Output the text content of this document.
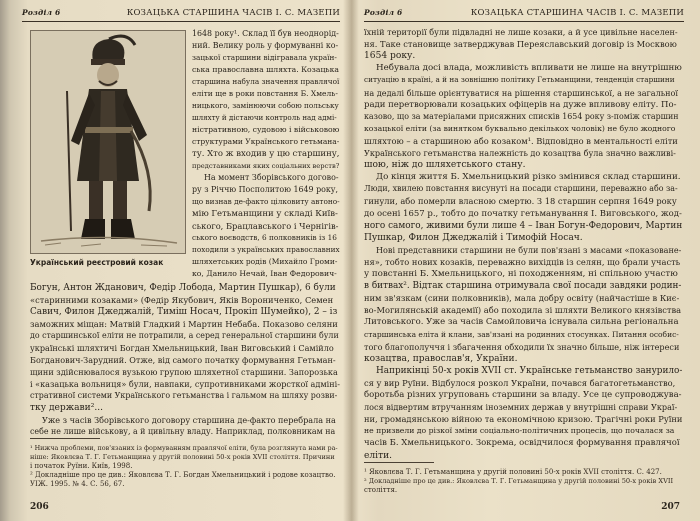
Розділ 6	КОЗАЦЬКА СТАРШИНА ЧАСІВ І. С. МАЗЕПИ
Український реєстровий козак
1648 року¹. Склад її був неоднорід-
ний. Велику роль у формуванні ко-
зацької старшини відігравала україн-
ська православна шляхта. Козацька
старшина набула значення правлячої
еліти ще в роки повстання Б. Хмель-
ницького, замінюючи собою польську
шляхту й дістаючи контроль над адмі-
ністративною, судовою і військовою
структурами Українського гетьмана-
ту. Хто ж входив у цю старшину,
представниками яких соціальних верств?
На момент Зборівського догово-
ру з Річчю Посполитою 1649 року,
що визнав де-факто цілковиту автоно-
мію Гетьманщини у складі Київ-
ського, Брацлавського і Чернігів-
ського воєводств, 6 полковників із 16
походили з українських православних
шляхетських родів (Михайло Громи-
ко, Данило Нечай, Іван Федорович-
Богун, Антон Жданович, Федір Лобода, Мартин Пушкар), 6 були
«старинними козаками» (Федір Якубович, Яків Ворониченко, Семен
Савич, Филон Джеджалій, Тиміш Носач, Прокіп Шумейко), 2 – із
заможних міщан: Матвій Гладкий і Мартин Небаба. Показово селяни
до старшинської еліти не потрапили, а серед генеральної старшини були
українські шляхтичі Богдан Хмельницький, Іван Виговський і Самійло
Богданович-Зарудний. Отже, від самого початку формування Гетьман-
щини здійснювалося вузькою групою шляхетної старшини. Запорозька
і «казацька вольниця» були, навпаки, супротивниками жорсткої адміні-
стративної системи Українського гетьманства і гальмом на шляху розви-
тку держави²...
Уже з часів Зборівського договору старшина де-факто перебрала на
себе не лише військову, а й цивільну владу. Наприклад, полковникам на
¹ Нижча проблеми, пов'язаних із формуванням правлячої еліти, була розглянута нами ра-
ніше: Яковлєва Т. Г. Гетьманщина у другій половині 50-х років XVII століття. Причини
і початок Руїни. Київ, 1998.
² Докладніше про це див.: Яковлєва Т. Г. Богдан Хмельницький і родове козацтво.
УІЖ. 1995. № 4. С. 56, 67.
206
Розділ 6	КОЗАЦЬКА СТАРШИНА ЧАСІВ І. С. МАЗЕПИ
їхній території були підвладні не лише козаки, а й усе цивільне населен-
ня. Таке становище затверджував Переяславський договір із Москвою
1654 року.
Небувала досі влада, можливість впливати не лише на внутрішню
ситуацію в країні, а й на зовнішню політику Гетьманщини, тенденція старшини
на дедалі більше орієнтуватися на рішення старшинської, а не загальної
ради перетворювали козацьких офіцерів на дуже впливову еліту. По-
казово, що за матеріалами присяжних списків 1654 року з-поміж старшин
козацької еліти (за винятком буквально декількох чоловік) не було жодного
шляхтою – а старшиною або козаком¹. Відповідно в ментальності еліти
Українського гетьманства належність до козацтва була значно важливі-
шою, ніж до шляхетського стану.
До кінця життя Б. Хмельницький різко змінився склад старшини.
Люди, хвилею повстання висунуті на посади старшини, переважно або за-
гинули, або померли власною смертю. З 18 старшин серпня 1649 року
до осені 1657 р., тобто до початку гетьманування І. Виговського, жод-
ного самого, живими були лише 4 – Іван Богун-Федорович, Мартин
Пушкар, Филон Джеджалій і Тимофій Носач.
Нові представники старшини не були пов'язані з масами «показоване-
ня», тобто нових козаків, переважно вихідців із селян, що брали участь
у повстанні Б. Хмельницького, ні походженням, ні спільною участю
в битвах². Відтак старшина отримувала свої посади завдяки родин-
ним зв'язкам (сини полковників), мала добру освіту (найчастіше в Киє-
во-Могилянській академії) або походила зі шляхти Великого князівства
Литовського. Уже за часів Самойловича існувала сильна регіональна
старшинська еліта й клани, зав'язані на родинних стосунках. Питання особис-
того благополуччя і збагачення обходили їх значно більше, ніж інтереси
козацтва, православ'я, України.
Наприкінці 50-х років XVII ст. Українське гетьманство занурило-
ся у вир Руїни. Відбулося розкол України, почався багатогетьманство,
боротьба різних угруповань старшини за владу. Усе це супроводжува-
лося відвертим втручанням іноземних держав у внутрішні справи Украї-
ни, громадянською війною та економічною кризою. Трагічні роки Руїни
не призвели до різкої зміни соціально-політичних процесів, що почалася за
часів Б. Хмельницького. Зокрема, освідчилося формування правлячої
еліти.
¹ Яковлєва Т. Г. Гетьманщина у другій половині 50-х років XVII століття. С. 427.
² Докладніше про це див.: Яковлєва Т. Г. Гетьманщина у другій половині 50-х років XVII
століття.
207
